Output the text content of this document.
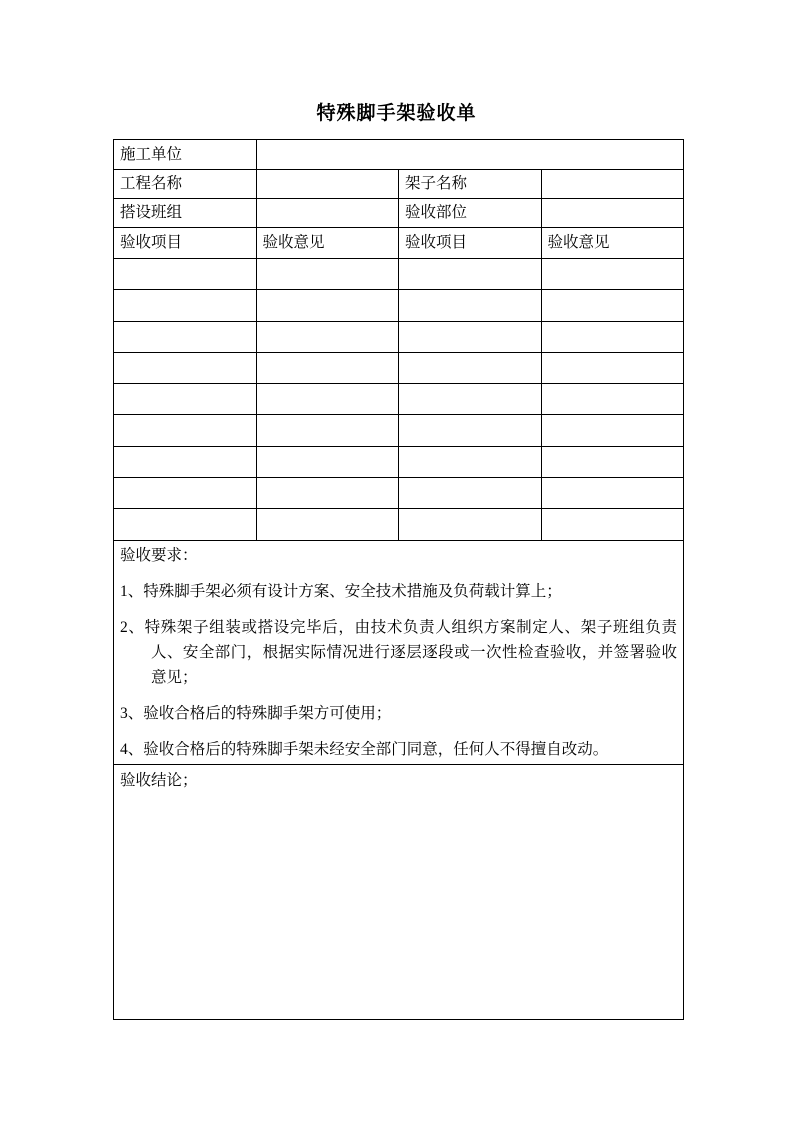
特殊脚手架验收单
施工单位			
工程名称		架子名称	
搭设班组		验收部位	
验收项目	验收意见	验收项目	验收意见

验收要求：
1、特殊脚手架必须有设计方案、安全技术措施及负荷载计算上；
2、特殊架子组装或搭设完毕后，由技术负责人组织方案制定人、架子班组负责
人、安全部门，根据实际情况进行逐层逐段或一次性检查验收，并签署验收
意见；
3、验收合格后的特殊脚手架方可使用；
4、验收合格后的特殊脚手架未经安全部门同意，任何人不得擅自改动。

验收结论；			
